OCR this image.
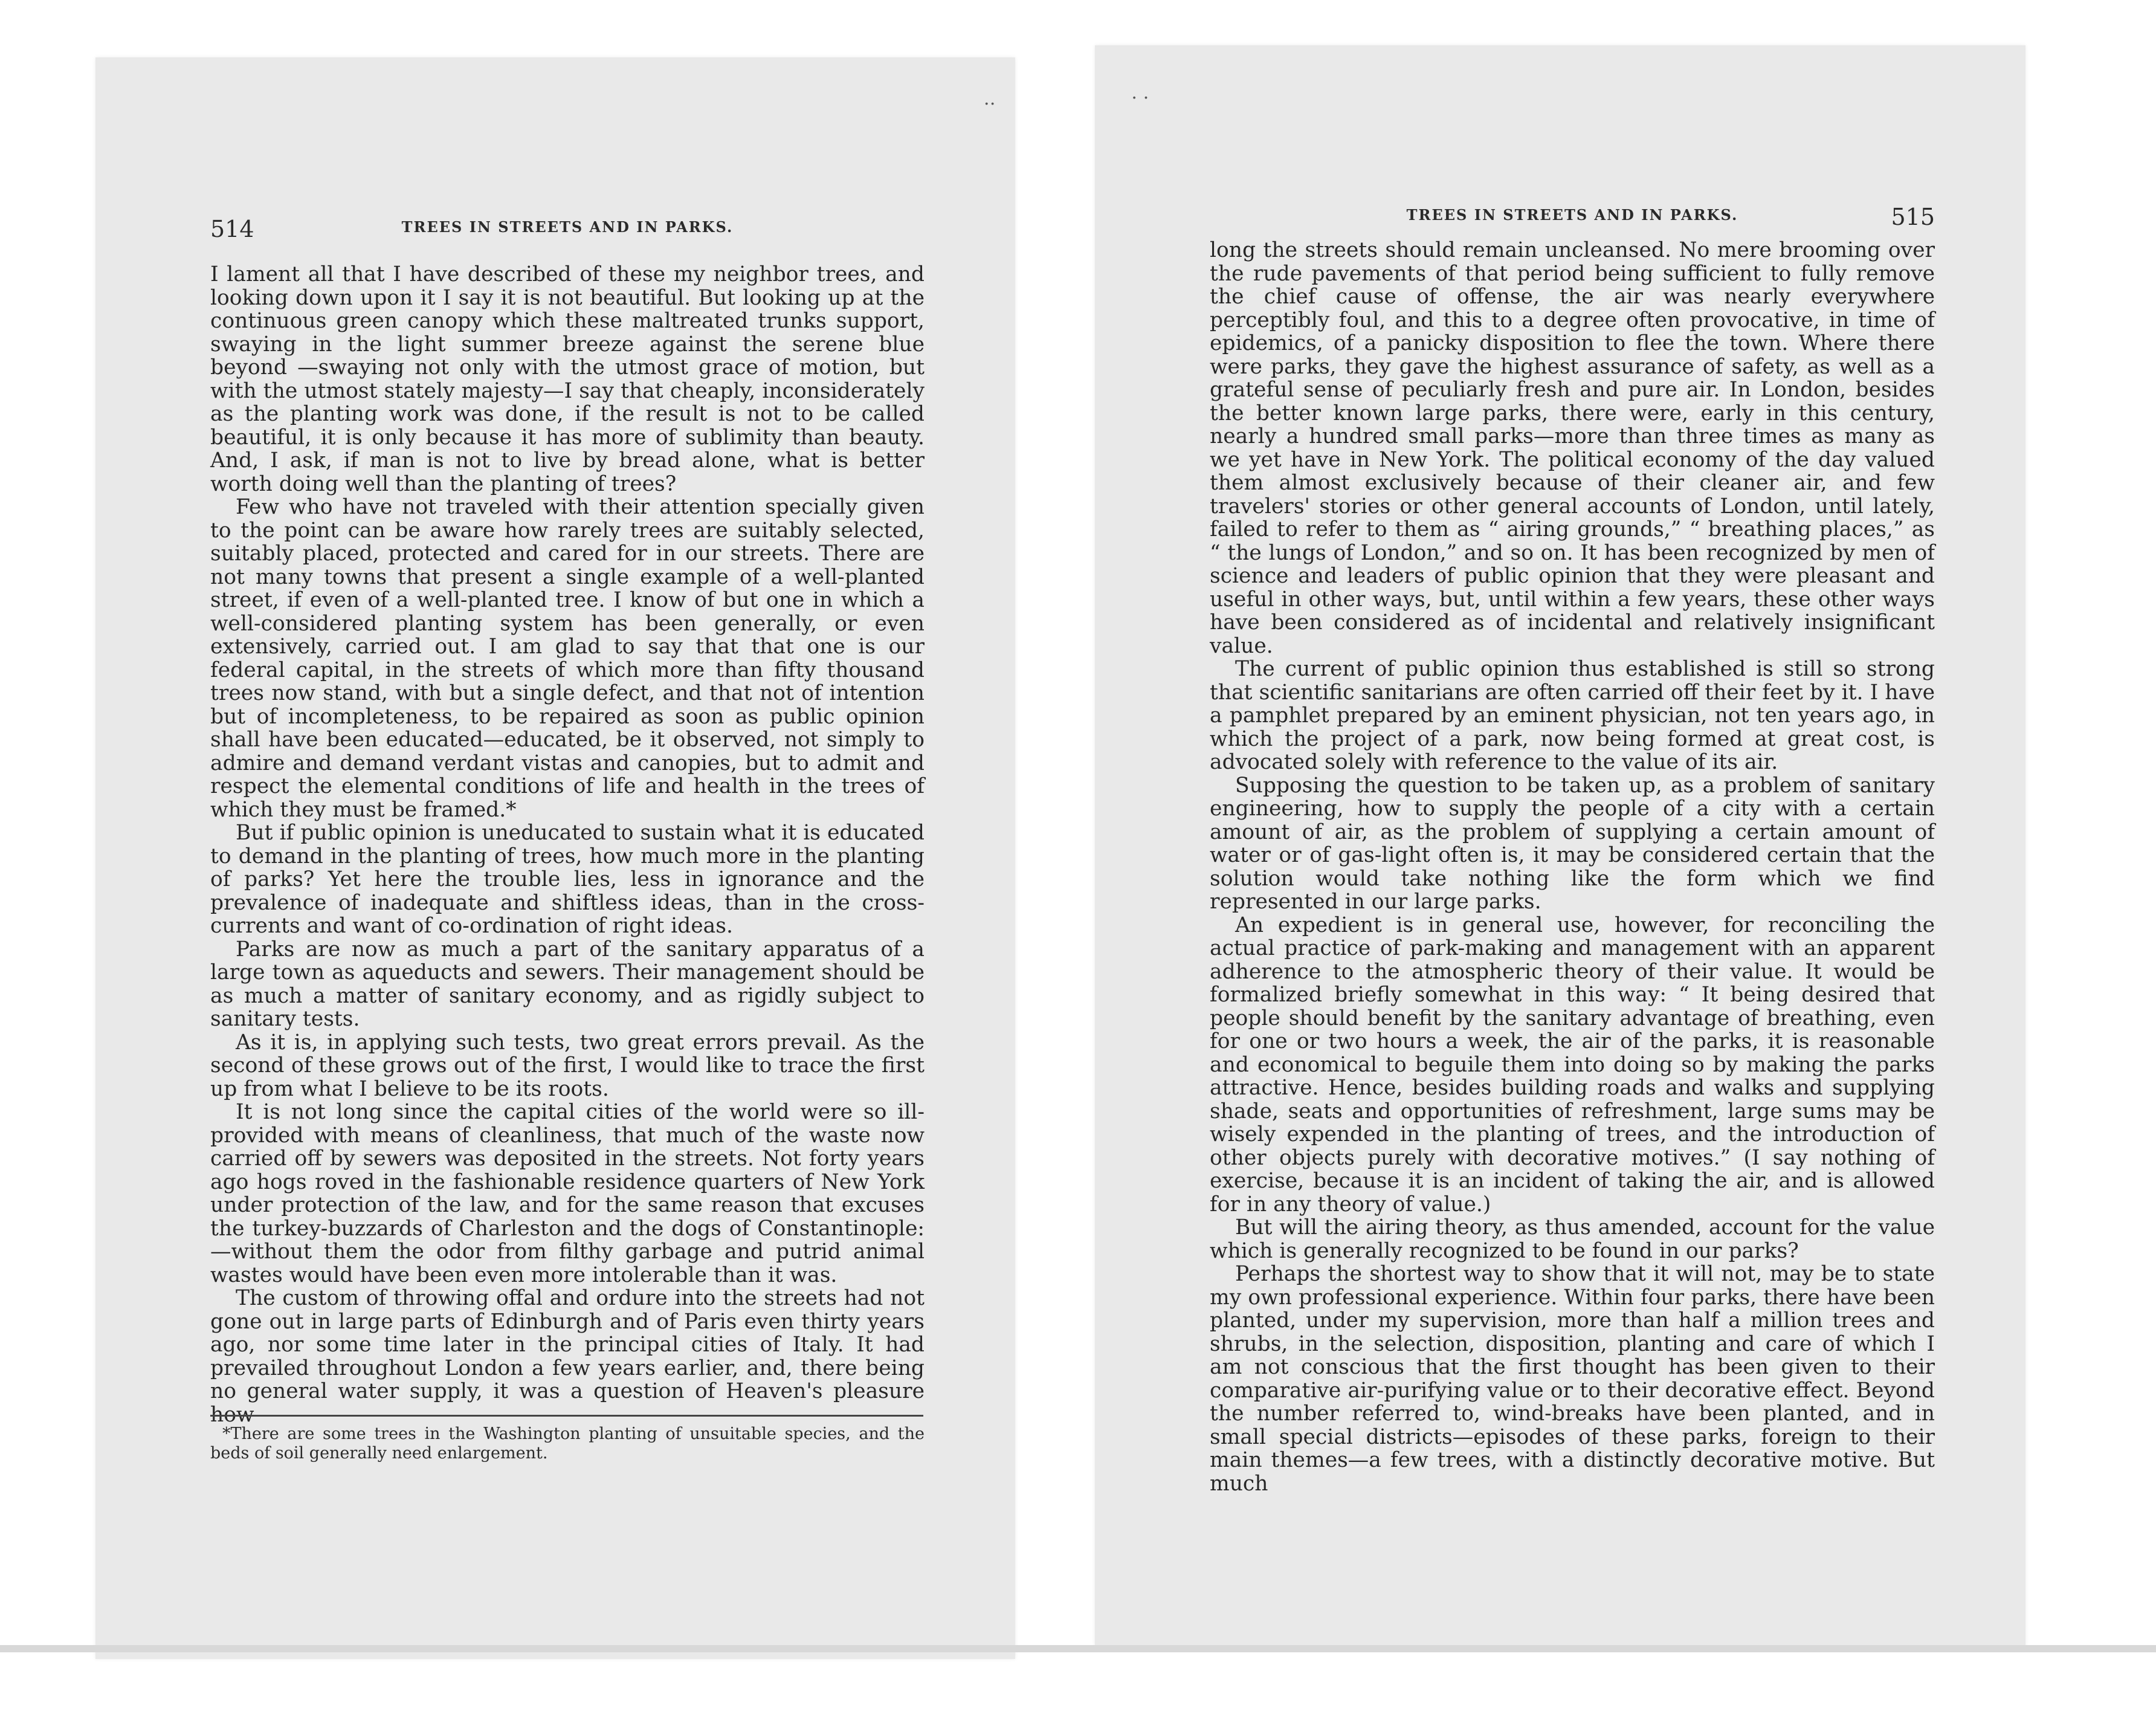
·⋅
514	TREES IN STREETS AND IN PARKS.

I lament all that I have described of these my neighbor trees, and looking down upon it I say it is not beautiful. But looking up at the continuous green canopy which these maltreated trunks support, swaying in the light summer breeze against the serene blue beyond —swaying not only with the utmost grace of motion, but with the utmost stately majesty—I say that cheaply, inconsiderately as the planting work was done, if the result is not to be called beautiful, it is only because it has more of sublimity than beauty. And, I ask, if man is not to live by bread alone, what is better worth doing well than the planting of trees?

Few who have not traveled with their attention specially given to the point can be aware how rarely trees are suitably selected, suitably placed, protected and cared for in our streets. There are not many towns that present a single example of a well-planted street, if even of a well-planted tree. I know of but one in which a well-considered planting system has been generally, or even extensively, carried out. I am glad to say that that one is our federal capital, in the streets of which more than fifty thousand trees now stand, with but a single defect, and that not of intention but of incompleteness, to be repaired as soon as public opinion shall have been educated—educated, be it observed, not simply to admire and demand verdant vistas and canopies, but to admit and respect the elemental conditions of life and health in the trees of which they must be framed.*

But if public opinion is uneducated to sustain what it is educated to demand in the planting of trees, how much more in the planting of parks? Yet here the trouble lies, less in ignorance and the prevalence of inadequate and shiftless ideas, than in the cross-currents and want of co-ordination of right ideas.

Parks are now as much a part of the sanitary apparatus of a large town as aqueducts and sewers. Their management should be as much a matter of sanitary economy, and as rigidly subject to sanitary tests.

As it is, in applying such tests, two great errors prevail. As the second of these grows out of the first, I would like to trace the first up from what I believe to be its roots.

It is not long since the capital cities of the world were so ill-provided with means of cleanliness, that much of the waste now carried off by sewers was deposited in the streets. Not forty years ago hogs roved in the fashionable residence quarters of New York under protection of the law, and for the same reason that excuses the turkey-buzzards of Charleston and the dogs of Constantinople:—without them the odor from filthy garbage and putrid animal wastes would have been even more intolerable than it was.

The custom of throwing offal and ordure into the streets had not gone out in large parts of Edinburgh and of Paris even thirty years ago, nor some time later in the principal cities of Italy. It had prevailed throughout London a few years earlier, and, there being no general water supply, it was a question of Heaven's pleasure how

*There are some trees in the Washington planting of unsuitable species, and the beds of soil generally need enlargement.
⋅ ·
TREES IN STREETS AND IN PARKS.	515

long the streets should remain uncleansed. No mere brooming over the rude pavements of that period being sufficient to fully remove the chief cause of offense, the air was nearly everywhere perceptibly foul, and this to a degree often provocative, in time of epidemics, of a panicky disposition to flee the town. Where there were parks, they gave the highest assurance of safety, as well as a grateful sense of peculiarly fresh and pure air. In London, besides the better known large parks, there were, early in this century, nearly a hundred small parks—more than three times as many as we yet have in New York. The political economy of the day valued them almost exclusively because of their cleaner air, and few travelers' stories or other general accounts of London, until lately, failed to refer to them as “ airing grounds,” “ breathing places,” as “ the lungs of London,” and so on. It has been recognized by men of science and leaders of public opinion that they were pleasant and useful in other ways, but, until within a few years, these other ways have been considered as of incidental and relatively insignificant value.

The current of public opinion thus established is still so strong that scientific sanitarians are often carried off their feet by it. I have a pamphlet prepared by an eminent physician, not ten years ago, in which the project of a park, now being formed at great cost, is advocated solely with reference to the value of its air.

Supposing the question to be taken up, as a problem of sanitary engineering, how to supply the people of a city with a certain amount of air, as the problem of supplying a certain amount of water or of gas-light often is, it may be considered certain that the solution would take nothing like the form which we find represented in our large parks.

An expedient is in general use, however, for reconciling the actual practice of park-making and management with an apparent adherence to the atmospheric theory of their value. It would be formalized briefly somewhat in this way: “ It being desired that people should benefit by the sanitary advantage of breathing, even for one or two hours a week, the air of the parks, it is reasonable and economical to beguile them into doing so by making the parks attractive. Hence, besides building roads and walks and supplying shade, seats and opportunities of refreshment, large sums may be wisely expended in the planting of trees, and the introduction of other objects purely with decorative motives.” (I say nothing of exercise, because it is an incident of taking the air, and is allowed for in any theory of value.)

But will the airing theory, as thus amended, account for the value which is generally recognized to be found in our parks?

Perhaps the shortest way to show that it will not, may be to state my own professional experience. Within four parks, there have been planted, under my supervision, more than half a million trees and shrubs, in the selection, disposition, planting and care of which I am not conscious that the first thought has been given to their comparative air-purifying value or to their decorative effect. Beyond the number referred to, wind-breaks have been planted, and in small special districts—episodes of these parks, foreign to their main themes—a few trees, with a distinctly decorative motive. But much
